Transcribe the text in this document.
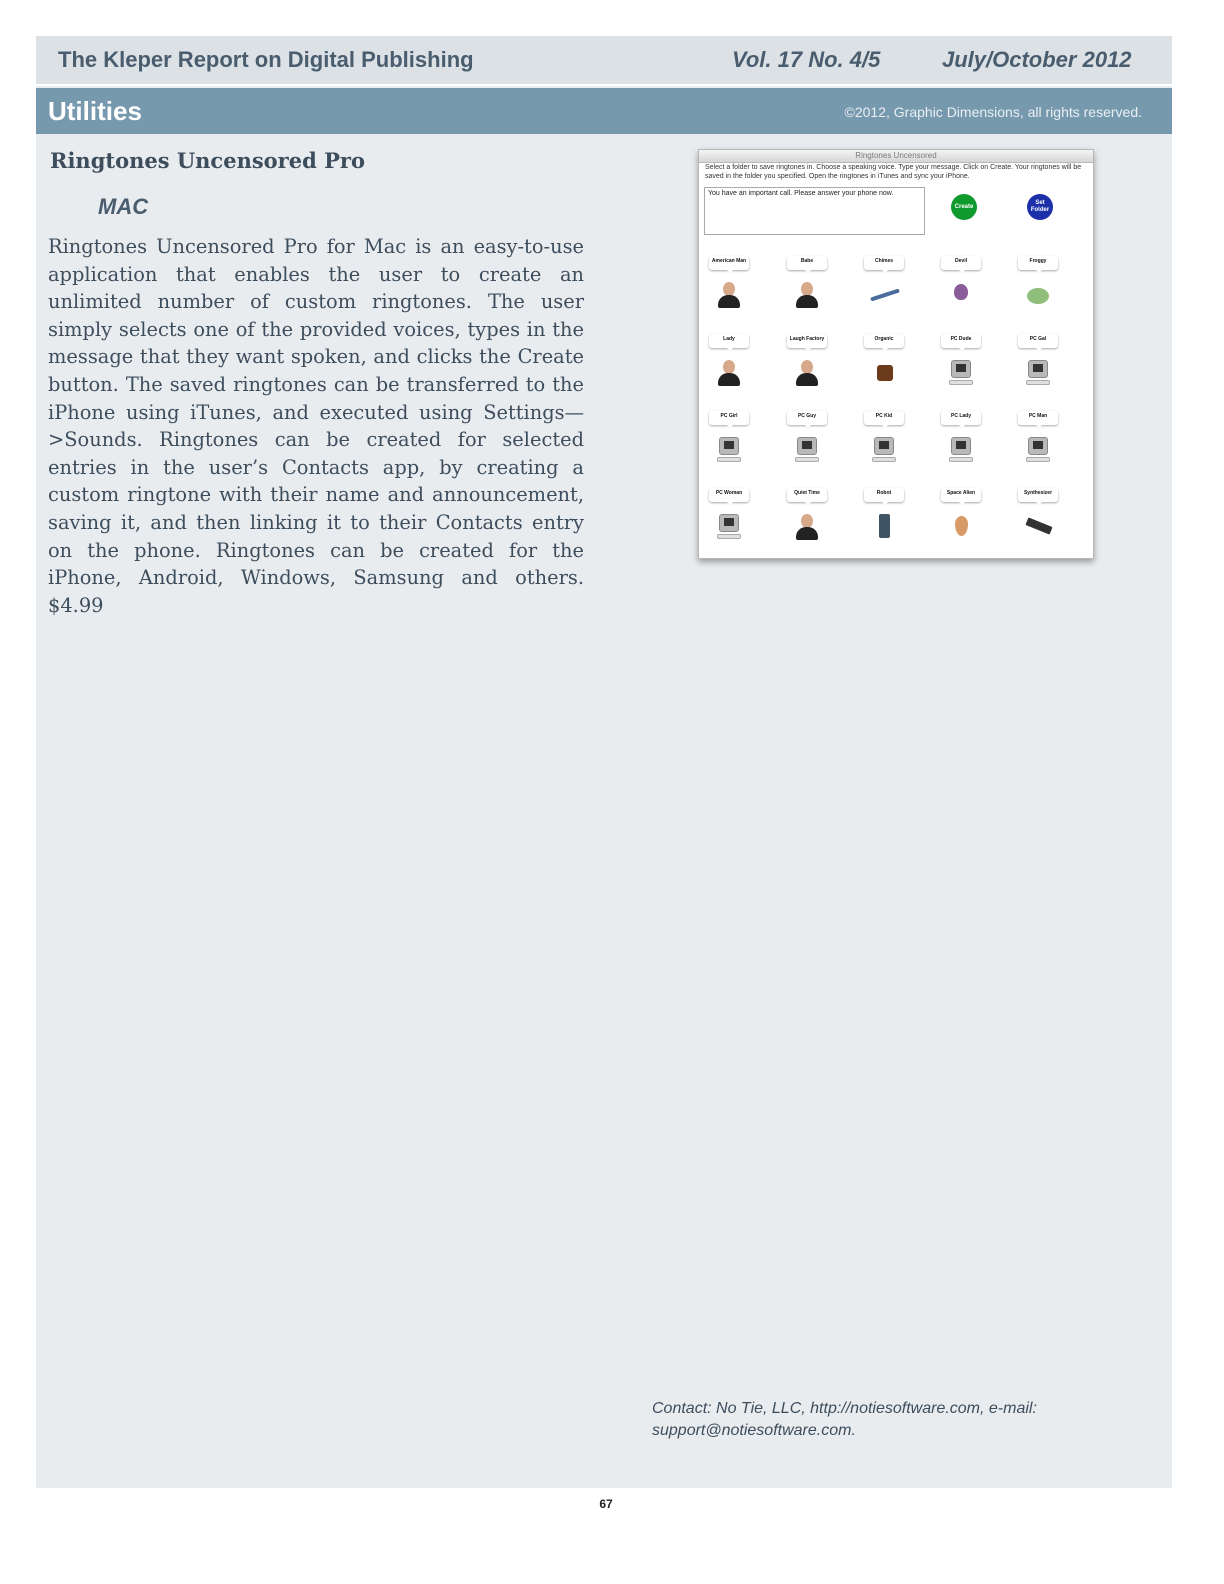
The Kleper Report on Digital Publishing	Vol. 17 No. 4/5	July/October 2012
Utilities	©2012, Graphic Dimensions, all rights reserved.
Ringtones Uncensored Pro
MAC

Ringtones Uncensored Pro for Mac is an easy-to-use application that enables the user to create an unlimited number of custom ringtones. The user simply selects one of the provided voices, types in the message that they want spoken, and clicks the Create button. The saved ringtones can be transferred to the iPhone using iTunes, and executed using Settings—>Sounds. Ringtones can be created for selected entries in the user’s Contacts app, by creating a custom ringtone with their name and announcement, saving it, and then linking it to their Contacts entry on the phone. Ringtones can be created for the iPhone, Android, Windows, Samsung and others. $4.99

Ringtones Uncensored

Select a folder to save ringtones in. Choose a speaking voice. Type your message. Click on Create. Your ringtones will be saved in the folder you specified. Open the ringtones in iTunes and sync your iPhone.

You have an important call. Please answer your phone now.
Create
Set Folder
American Man	Babe	Chimes	Devil	Froggy
Lady	Laugh Factory	Organic	PC Dude	PC Gal
PC Girl	PC Guy	PC Kid	PC Lady	PC Man
PC Woman	Quiet Time	Robot	Space Alien	Synthesizer

Contact: No Tie, LLC, http://notiesoftware.com, e-mail: support@notiesoftware.com.

67
